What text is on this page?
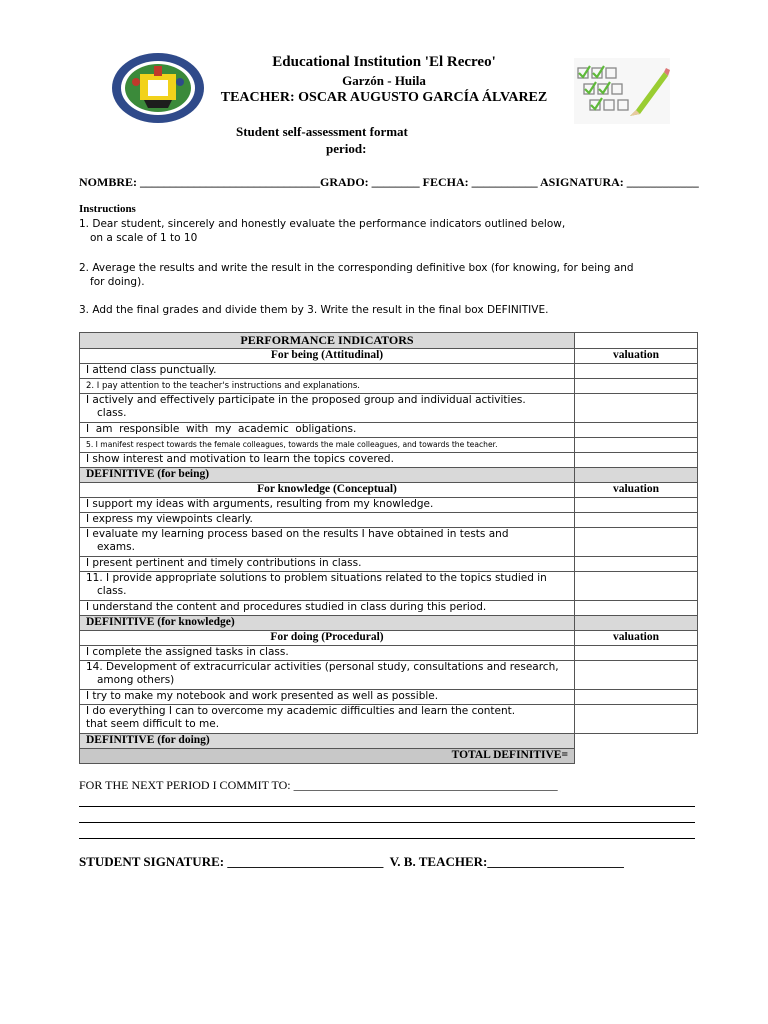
Educational Institution 'El Recreo'
Garzón - Huila
TEACHER: OSCAR AUGUSTO GARCÍA ÁLVAREZ
Student self-assessment format
period:
NOMBRE: ______________________________GRADO: ________ FECHA: ___________ ASIGNATURA: ____________
Instructions
1. Dear student, sincerely and honestly evaluate the performance indicators outlined below,
on a scale of 1 to 10
2. Average the results and write the result in the corresponding definitive box (for knowing, for being and
for doing).
3. Add the final grades and divide them by 3. Write the result in the final box DEFINITIVE.
PERFORMANCE INDICATORS	
For being (Attitudinal)	valuation
I attend class punctually.	
2. I pay attention to the teacher's instructions and explanations.	
I actively and effectively participate in the proposed group and individual activities.
class.	

I  am  responsible  with  my  academic  obligations.	
5. I manifest respect towards the female colleagues, towards the male colleagues, and towards the teacher.	
I show interest and motivation to learn the topics covered.	
DEFINITIVE (for being)	
For knowledge (Conceptual)	valuation
I support my ideas with arguments, resulting from my knowledge.	
I express my viewpoints clearly.	
I evaluate my learning process based on the results I have obtained in tests and
exams.	

I present pertinent and timely contributions in class.	
11. I provide appropriate solutions to problem situations related to the topics studied in
class.	

I understand the content and procedures studied in class during this period.	
DEFINITIVE (for knowledge)	
For doing (Procedural)	valuation
I complete the assigned tasks in class.	
14. Development of extracurricular activities (personal study, consultations and research,
among others)	

I try to make my notebook and work presented as well as possible.	

I do everything I can to overcome my academic difficulties and learn the content.
that seem difficult to me.	
DEFINITIVE (for doing)	
TOTAL DEFINITIVE=	
FOR THE NEXT PERIOD I COMMIT TO: ____________________________________________
STUDENT SIGNATURE: ________________________  V. B. TEACHER:_____________________
